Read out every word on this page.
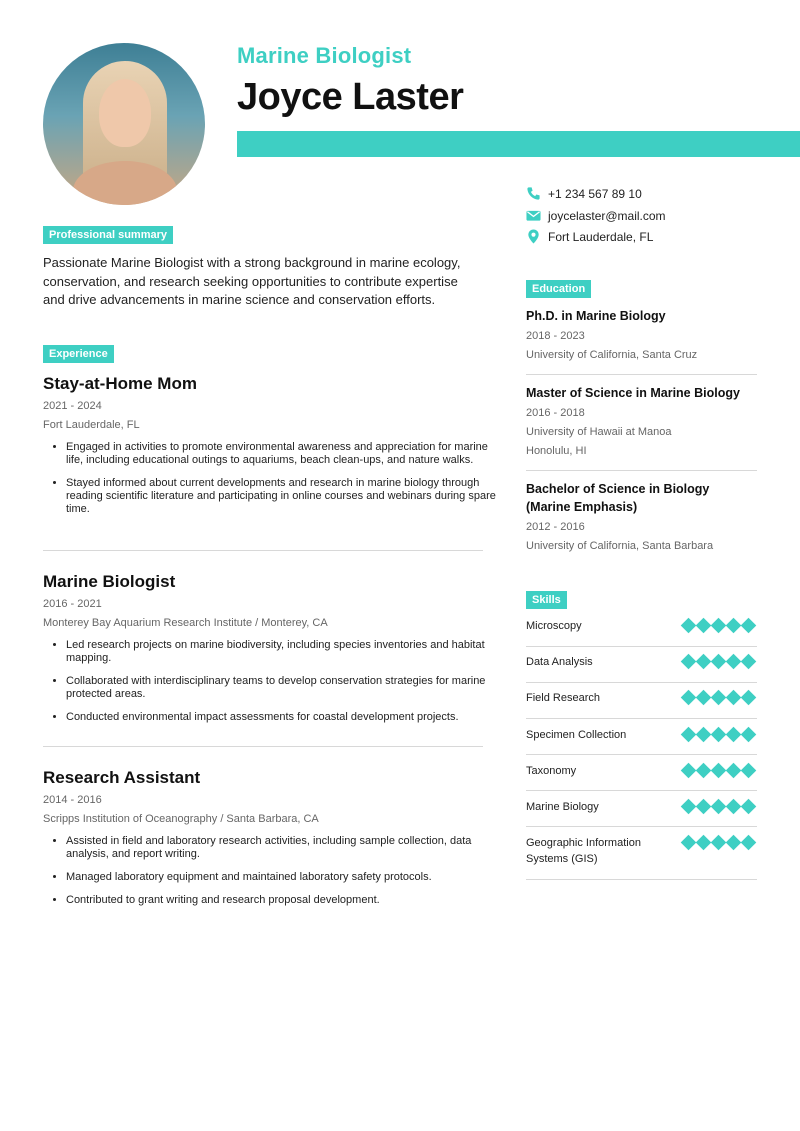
Marine Biologist
Joyce Laster
+1 234 567 89 10
joycelaster@mail.com
Fort Lauderdale, FL
Professional summary
Passionate Marine Biologist with a strong background in marine ecology, conservation, and research seeking opportunities to contribute expertise and drive advancements in marine science and conservation efforts.
Experience
Stay-at-Home Mom
2021 - 2024
Fort Lauderdale, FL
• Engaged in activities to promote environmental awareness and appreciation for marine life, including educational outings to aquariums, beach clean-ups, and nature walks.
• Stayed informed about current developments and research in marine biology through reading scientific literature and participating in online courses and webinars during spare time.
Marine Biologist
2016 - 2021
Monterey Bay Aquarium Research Institute / Monterey, CA
• Led research projects on marine biodiversity, including species inventories and habitat mapping.
• Collaborated with interdisciplinary teams to develop conservation strategies for marine protected areas.
• Conducted environmental impact assessments for coastal development projects.
Research Assistant
2014 - 2016
Scripps Institution of Oceanography / Santa Barbara, CA
• Assisted in field and laboratory research activities, including sample collection, data analysis, and report writing.
• Managed laboratory equipment and maintained laboratory safety protocols.
• Contributed to grant writing and research proposal development.
Education
Ph.D. in Marine Biology
2018 - 2023
University of California, Santa Cruz
Master of Science in Marine Biology
2016 - 2018
University of Hawaii at Manoa
Honolulu, HI
Bachelor of Science in Biology (Marine Emphasis)
2012 - 2016
University of California, Santa Barbara
Skills
Microscopy
Data Analysis
Field Research
Specimen Collection
Taxonomy
Marine Biology
Geographic Information Systems (GIS)
